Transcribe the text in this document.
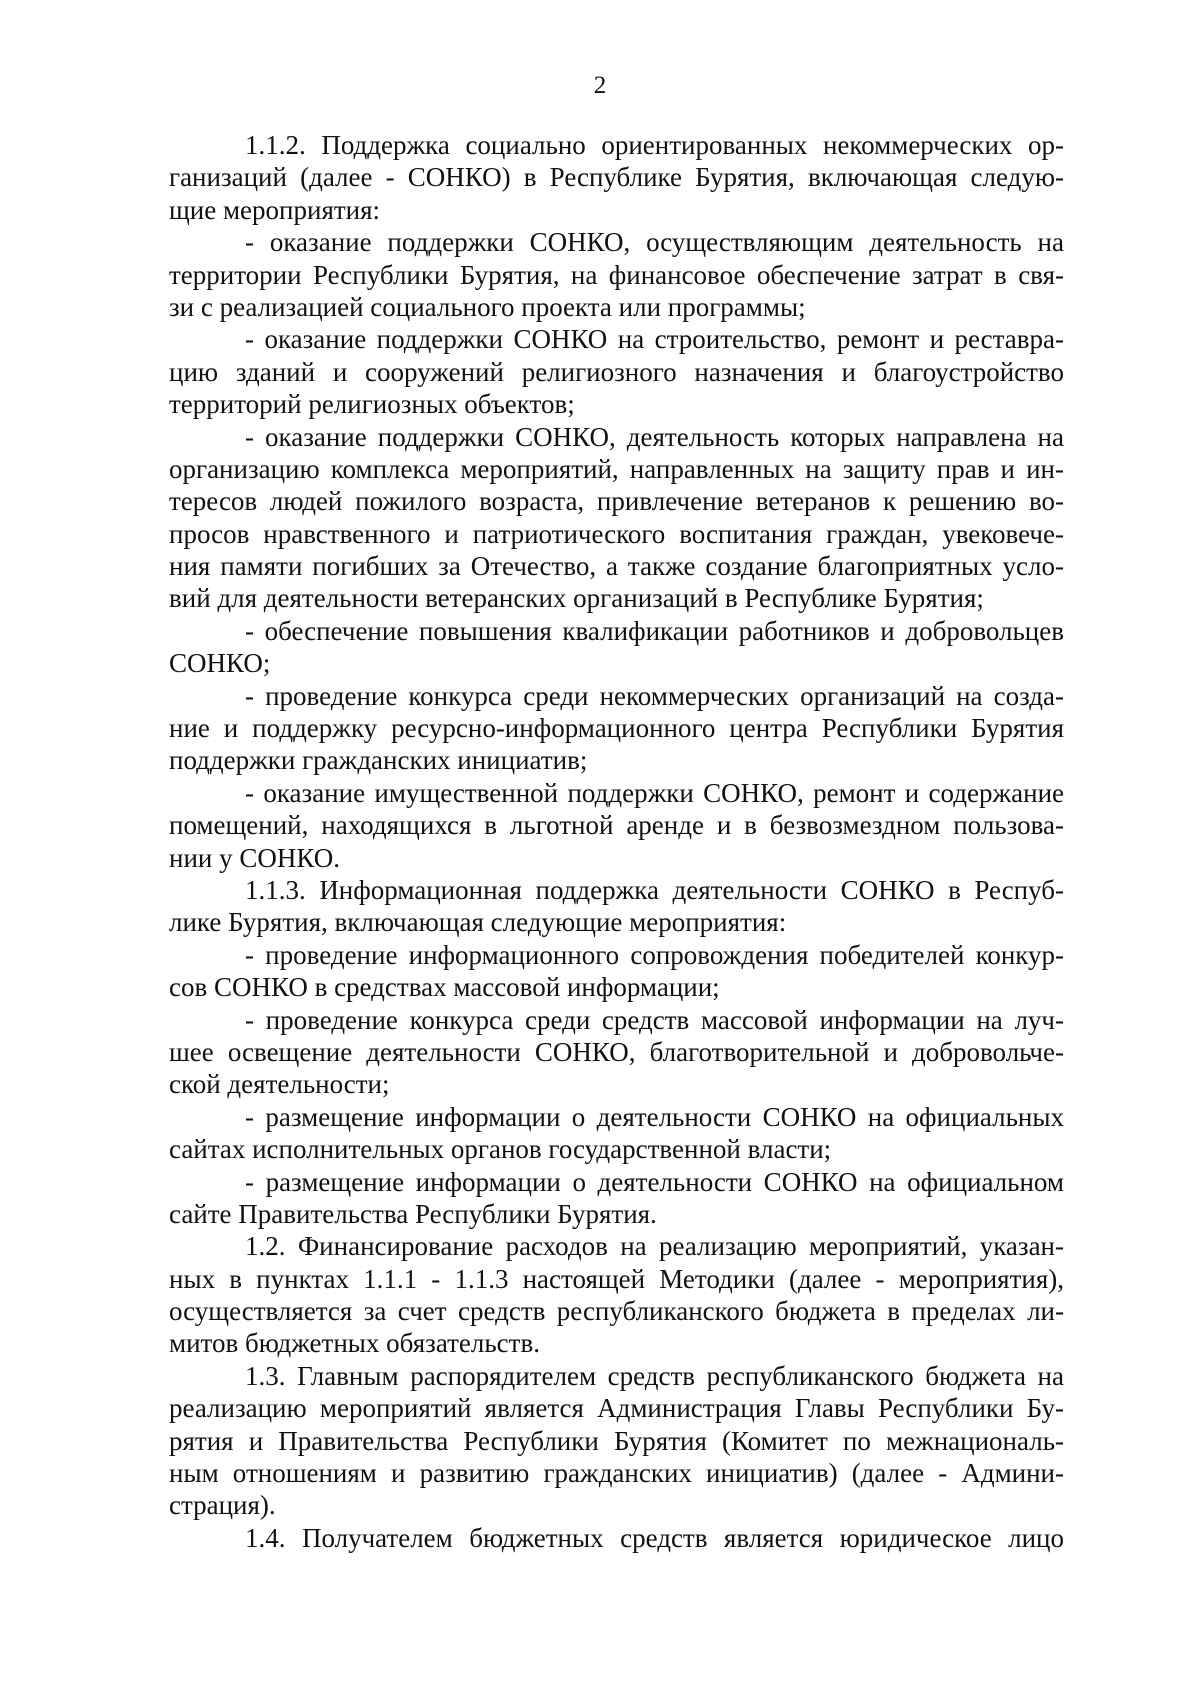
2
1.1.2. Поддержка социально ориентированных некоммерческих ор-
ганизаций (далее - СОНКО) в Республике Бурятия, включающая следую-
щие мероприятия:
- оказание поддержки СОНКО, осуществляющим деятельность на
территории Республики Бурятия, на финансовое обеспечение затрат в свя-
зи с реализацией социального проекта или программы;
- оказание поддержки СОНКО на строительство, ремонт и реставра-
цию зданий и сооружений религиозного назначения и благоустройство
территорий религиозных объектов;
- оказание поддержки СОНКО, деятельность которых направлена на
организацию комплекса мероприятий, направленных на защиту прав и ин-
тересов людей пожилого возраста, привлечение ветеранов к решению во-
просов нравственного и патриотического воспитания граждан, увековече-
ния памяти погибших за Отечество, а также создание благоприятных усло-
вий для деятельности ветеранских организаций в Республике Бурятия;
- обеспечение повышения квалификации работников и добровольцев
СОНКО;
- проведение конкурса среди некоммерческих организаций на созда-
ние и поддержку ресурсно-информационного центра Республики Бурятия
поддержки гражданских инициатив;
- оказание имущественной поддержки СОНКО, ремонт и содержание
помещений, находящихся в льготной аренде и в безвозмездном пользова-
нии у СОНКО.
1.1.3. Информационная поддержка деятельности СОНКО в Респуб-
лике Бурятия, включающая следующие мероприятия:
- проведение информационного сопровождения победителей конкур-
сов СОНКО в средствах массовой информации;
- проведение конкурса среди средств массовой информации на луч-
шее освещение деятельности СОНКО, благотворительной и добровольче-
ской деятельности;
- размещение информации о деятельности СОНКО на официальных
сайтах исполнительных органов государственной власти;
- размещение информации о деятельности СОНКО на официальном
сайте Правительства Республики Бурятия.
1.2. Финансирование расходов на реализацию мероприятий, указан-
ных в пунктах 1.1.1 - 1.1.3 настоящей Методики (далее - мероприятия),
осуществляется за счет средств республиканского бюджета в пределах ли-
митов бюджетных обязательств.
1.3. Главным распорядителем средств республиканского бюджета на
реализацию мероприятий является Администрация Главы Республики Бу-
рятия и Правительства Республики Бурятия (Комитет по межнациональ-
ным отношениям и развитию гражданских инициатив) (далее - Админи-
страция).
1.4. Получателем бюджетных средств является юридическое лицо
